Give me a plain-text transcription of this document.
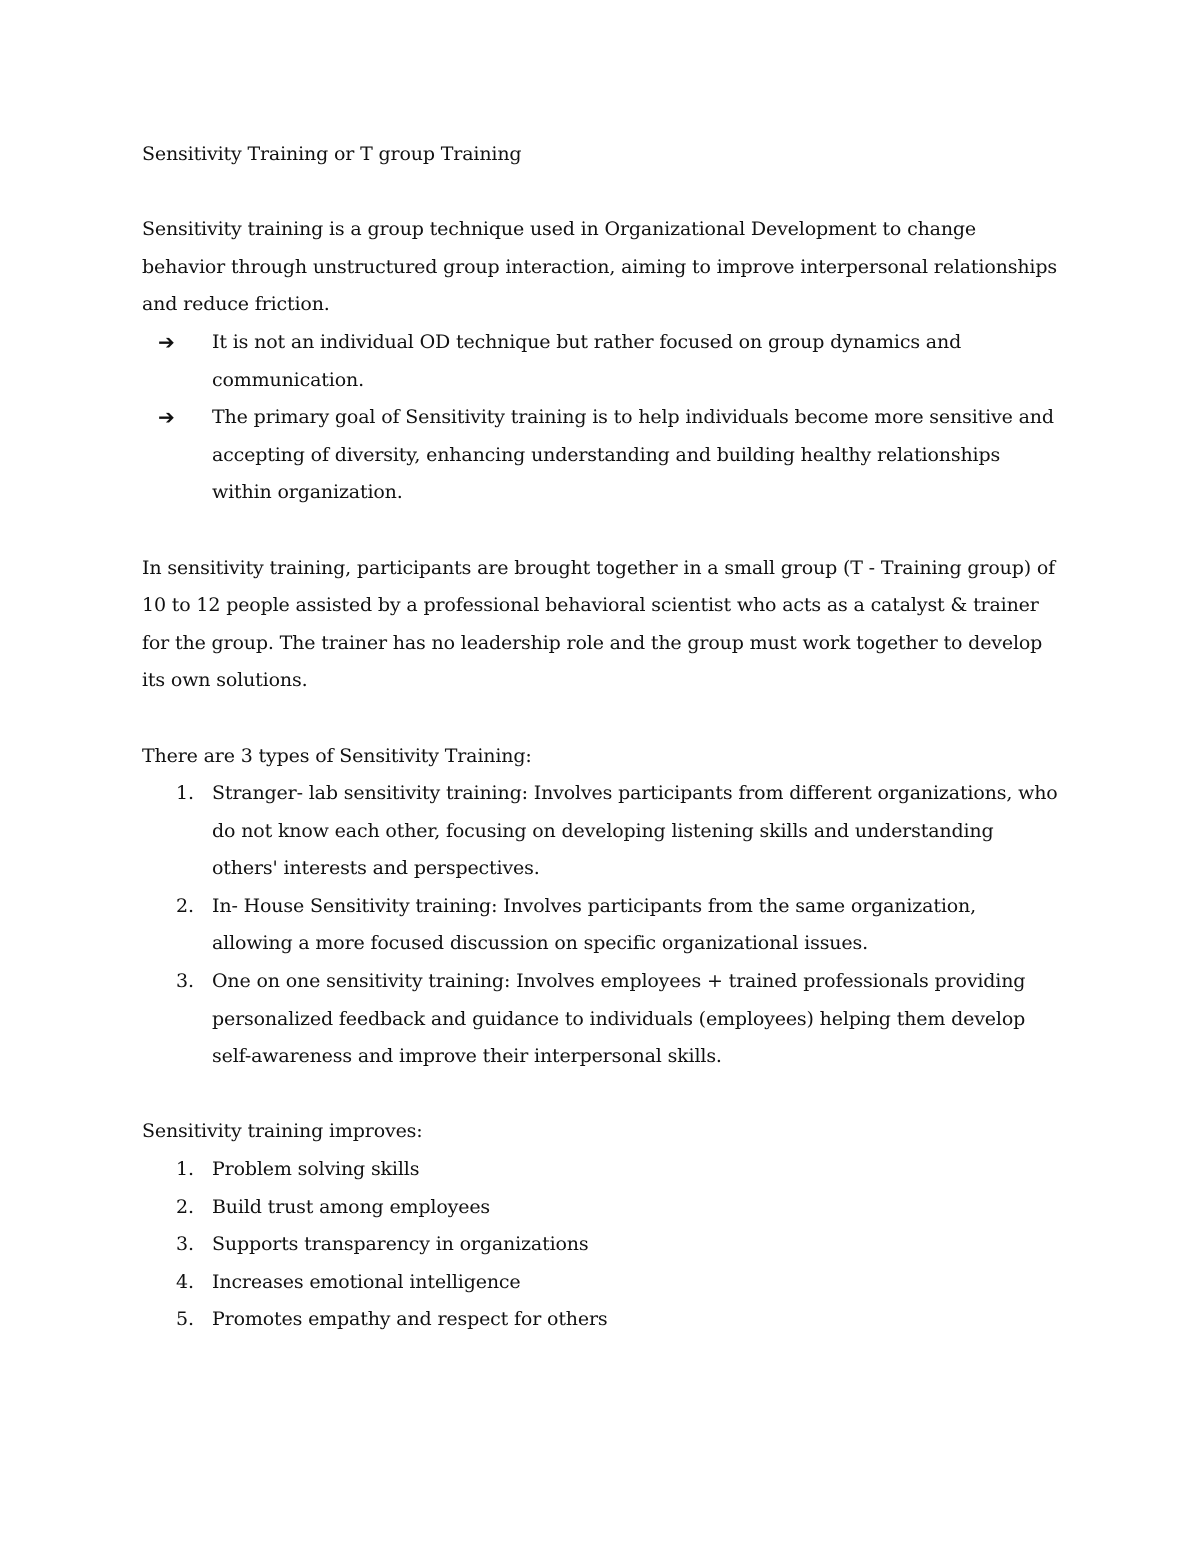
Sensitivity Training or T group Training

Sensitivity training is a group technique used in Organizational Development to change behavior through unstructured group interaction, aiming to improve interpersonal relationships and reduce friction.

➔ It is not an individual OD technique but rather focused on group dynamics and communication.
➔ The primary goal of Sensitivity training is to help individuals become more sensitive and accepting of diversity, enhancing understanding and building healthy relationships within organization.

In sensitivity training, participants are brought together in a small group (T - Training group) of 10 to 12 people assisted by a professional behavioral scientist who acts as a catalyst & trainer for the group. The trainer has no leadership role and the group must work together to develop its own solutions.

There are 3 types of Sensitivity Training:

1. Stranger- lab sensitivity training: Involves participants from different organizations, who do not know each other, focusing on developing listening skills and understanding others' interests and perspectives.
2. In- House Sensitivity training: Involves participants from the same organization, allowing a more focused discussion on specific organizational issues.
3. One on one sensitivity training: Involves employees + trained professionals providing personalized feedback and guidance to individuals (employees) helping them develop self-awareness and improve their interpersonal skills.

Sensitivity training improves:

1. Problem solving skills
2. Build trust among employees
3. Supports transparency in organizations
4. Increases emotional intelligence
5. Promotes empathy and respect for others
